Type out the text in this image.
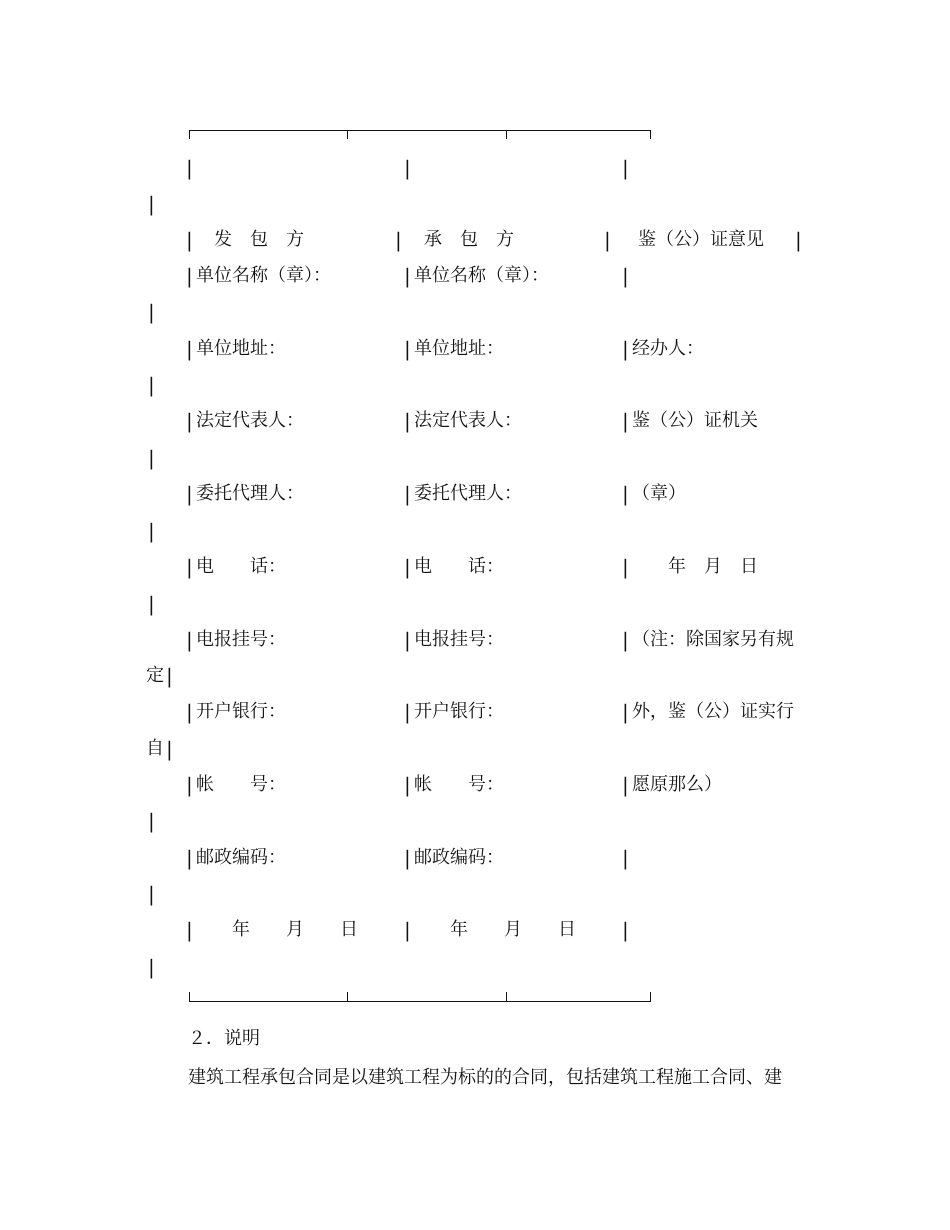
|	|	|
|
| 发　包　方	| 承　包　方	| 鉴（公）证意见 |
| 单位名称（章）：	| 单位名称（章）：	|
|
| 单位地址：	| 单位地址：	| 经办人：
|
| 法定代表人：	| 法定代表人：	| 鉴（公）证机关
|
| 委托代理人：	| 委托代理人：	| （章）
|
| 电　　话：	| 电　　话：	| 　　年　月　日
|
| 电报挂号：	| 电报挂号：	| （注：除国家另有规
定 |
| 开户银行：	| 开户银行：	| 外，鉴（公）证实行
自 |
| 帐　　号：	| 帐　　号：	| 愿原那么）
|
| 邮政编码：	| 邮政编码：	|
|
| 　　年　　月　　日 | 　　年　　月　　日 |
|
２．说明
建筑工程承包合同是以建筑工程为标的的合同，包括建筑工程施工合同、建
